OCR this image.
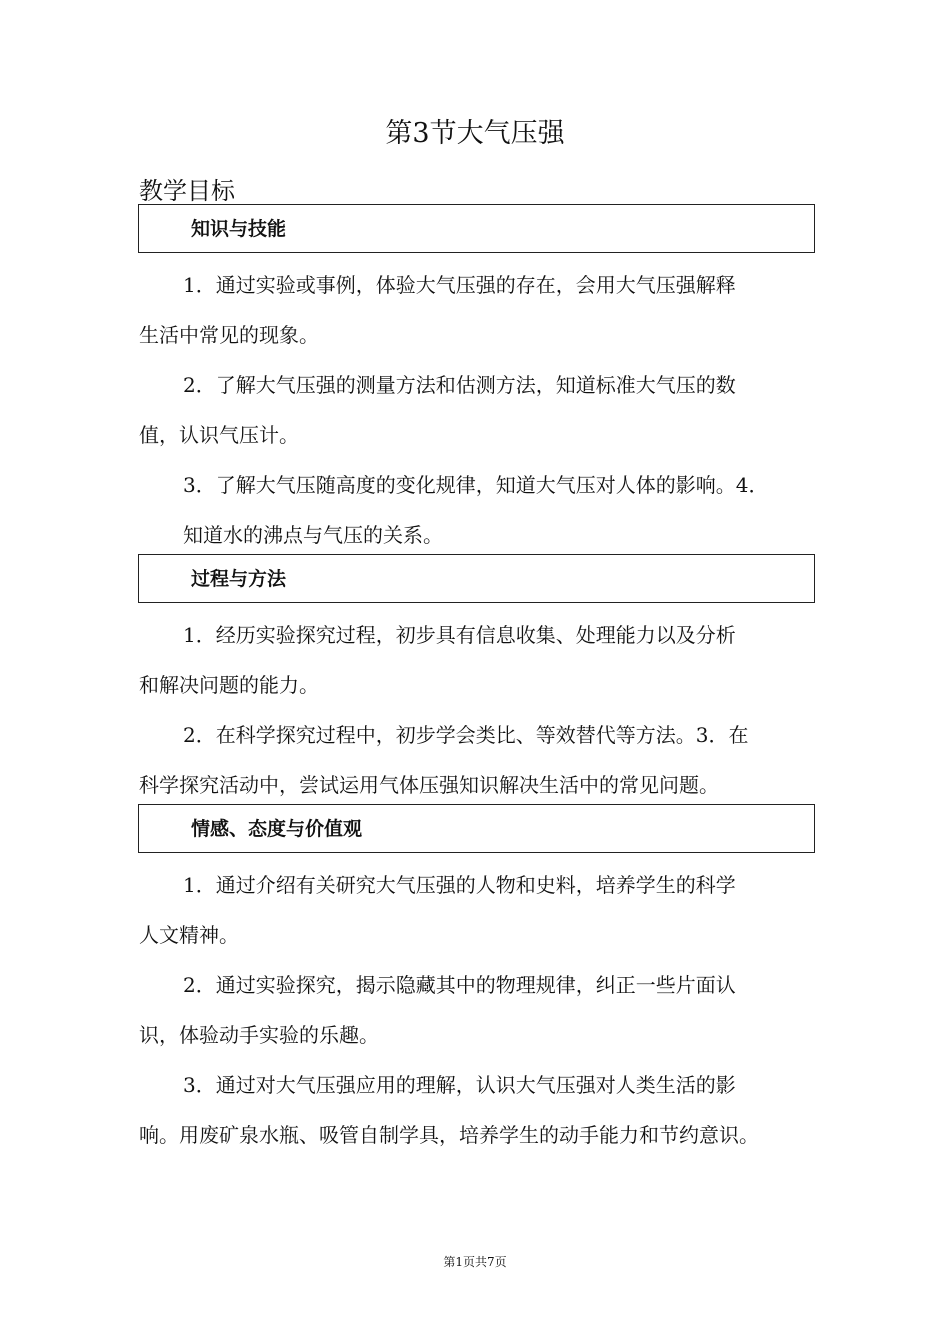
第3节大气压强
教学目标
知识与技能
1．通过实验或事例，体验大气压强的存在，会用大气压强解释
生活中常见的现象。
2．了解大气压强的测量方法和估测方法，知道标准大气压的数
值，认识气压计。
3．了解大气压随高度的变化规律，知道大气压对人体的影响。4．
知道水的沸点与气压的关系。
过程与方法
1．经历实验探究过程，初步具有信息收集、处理能力以及分析
和解决问题的能力。
2．在科学探究过程中，初步学会类比、等效替代等方法。3．在
科学探究活动中，尝试运用气体压强知识解决生活中的常见问题。
情感、态度与价值观
1．通过介绍有关研究大气压强的人物和史料，培养学生的科学
人文精神。
2．通过实验探究，揭示隐藏其中的物理规律，纠正一些片面认
识，体验动手实验的乐趣。
3．通过对大气压强应用的理解，认识大气压强对人类生活的影
响。用废矿泉水瓶、吸管自制学具，培养学生的动手能力和节约意识。
第1页共7页
